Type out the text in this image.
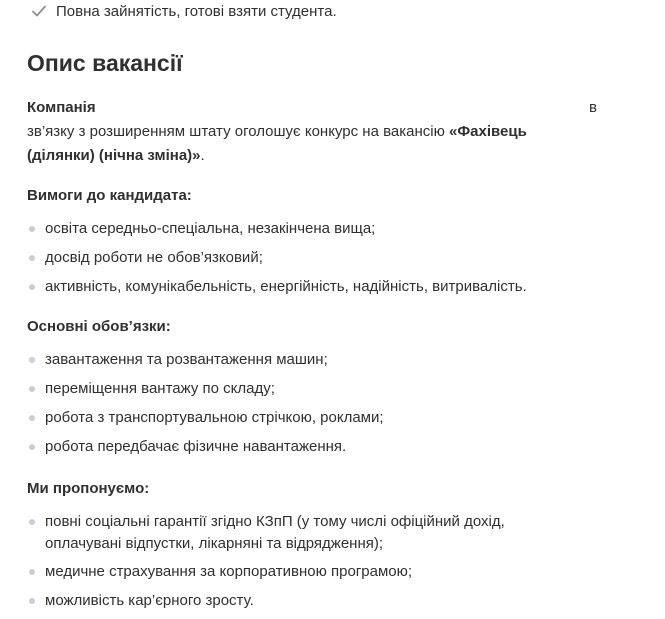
Повна зайнятість, готові взяти студента.
Опис вакансії
Компанія	в
зв’язку з розширенням штату оголошує конкурс на вакансію «Фахівець (ділянки) (нічна зміна)».
Вимоги до кандидата:
освіта середньо-спеціальна, незакінчена вища;
досвід роботи не обов’язковий;
активність, комунікабельність, енергійність, надійність, витривалість.
Основні обов’язки:
завантаження та розвантаження машин;
переміщення вантажу по складу;
робота з транспортувальною стрічкою, роклами;
робота передбачає фізичне навантаження.
Ми пропонуємо:
повні соціальні гарантії згідно КЗпП (у тому числі офіційний дохід, оплачувані відпустки, лікарняні та відрядження);
медичне страхування за корпоративною програмою;
можливість кар’єрного зросту.
